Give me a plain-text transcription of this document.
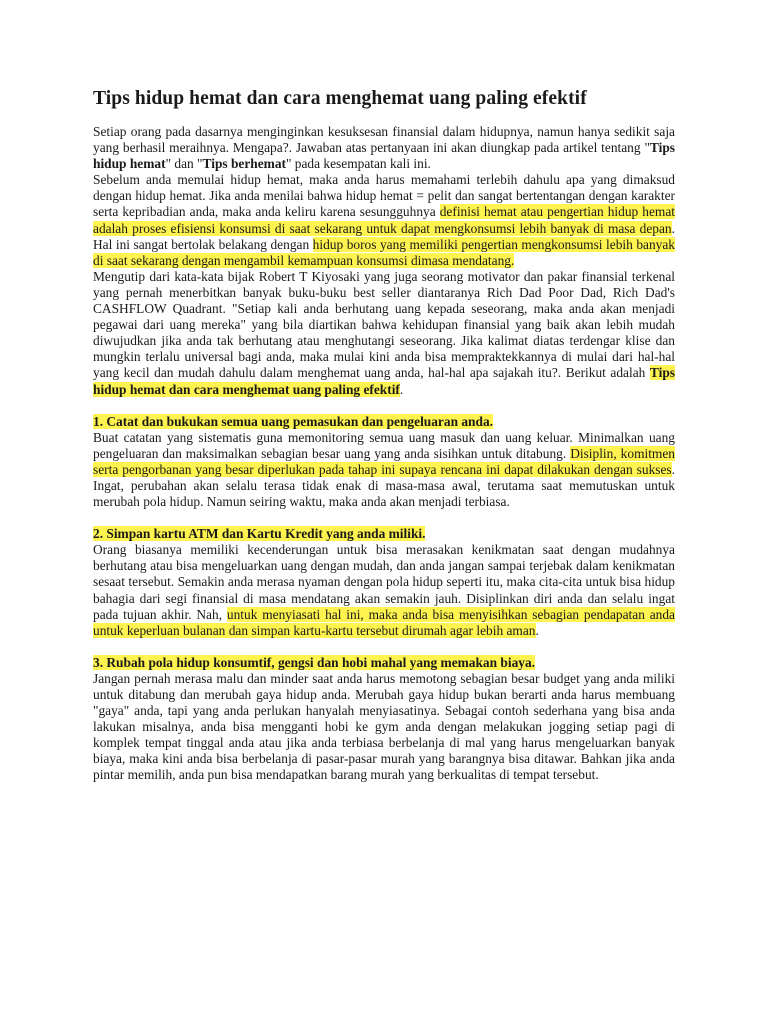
Tips hidup hemat dan cara menghemat uang paling efektif

Setiap orang pada dasarnya menginginkan kesuksesan finansial dalam hidupnya, namun hanya sedikit saja yang berhasil meraihnya. Mengapa?. Jawaban atas pertanyaan ini akan diungkap pada artikel tentang "Tips hidup hemat" dan "Tips berhemat" pada kesempatan kali ini.

Sebelum anda memulai hidup hemat, maka anda harus memahami terlebih dahulu apa yang dimaksud dengan hidup hemat. Jika anda menilai bahwa hidup hemat = pelit dan sangat bertentangan dengan karakter serta kepribadian anda, maka anda keliru karena sesungguhnya definisi hemat atau pengertian hidup hemat adalah proses efisiensi konsumsi di saat sekarang untuk dapat mengkonsumsi lebih banyak di masa depan. Hal ini sangat bertolak belakang dengan hidup boros yang memiliki pengertian mengkonsumsi lebih banyak di saat sekarang dengan mengambil kemampuan konsumsi dimasa mendatang.

Mengutip dari kata-kata bijak Robert T Kiyosaki yang juga seorang motivator dan pakar finansial terkenal yang pernah menerbitkan banyak buku-buku best seller diantaranya Rich Dad Poor Dad, Rich Dad's CASHFLOW Quadrant. "Setiap kali anda berhutang uang kepada seseorang, maka anda akan menjadi pegawai dari uang mereka" yang bila diartikan bahwa kehidupan finansial yang baik akan lebih mudah diwujudkan jika anda tak berhutang atau menghutangi seseorang. Jika kalimat diatas terdengar klise dan mungkin terlalu universal bagi anda, maka mulai kini anda bisa mempraktekkannya di mulai dari hal-hal yang kecil dan mudah dahulu dalam menghemat uang anda, hal-hal apa sajakah itu?. Berikut adalah Tips hidup hemat dan cara menghemat uang paling efektif.

1. Catat dan bukukan semua uang pemasukan dan pengeluaran anda.

Buat catatan yang sistematis guna memonitoring semua uang masuk dan uang keluar. Minimalkan uang pengeluaran dan maksimalkan sebagian besar uang yang anda sisihkan untuk ditabung. Disiplin, komitmen serta pengorbanan yang besar diperlukan pada tahap ini supaya rencana ini dapat dilakukan dengan sukses. Ingat, perubahan akan selalu terasa tidak enak di masa-masa awal, terutama saat memutuskan untuk merubah pola hidup. Namun seiring waktu, maka anda akan menjadi terbiasa.

2. Simpan kartu ATM dan Kartu Kredit yang anda miliki.

Orang biasanya memiliki kecenderungan untuk bisa merasakan kenikmatan saat dengan mudahnya berhutang atau bisa mengeluarkan uang dengan mudah, dan anda jangan sampai terjebak dalam kenikmatan sesaat tersebut. Semakin anda merasa nyaman dengan pola hidup seperti itu, maka cita-cita untuk bisa hidup bahagia dari segi finansial di masa mendatang akan semakin jauh. Disiplinkan diri anda dan selalu ingat pada tujuan akhir. Nah, untuk menyiasati hal ini, maka anda bisa menyisihkan sebagian pendapatan anda untuk keperluan bulanan dan simpan kartu-kartu tersebut dirumah agar lebih aman.

3. Rubah pola hidup konsumtif, gengsi dan hobi mahal yang memakan biaya.

Jangan pernah merasa malu dan minder saat anda harus memotong sebagian besar budget yang anda miliki untuk ditabung dan merubah gaya hidup anda. Merubah gaya hidup bukan berarti anda harus membuang "gaya" anda, tapi yang anda perlukan hanyalah menyiasatinya. Sebagai contoh sederhana yang bisa anda lakukan misalnya, anda bisa mengganti hobi ke gym anda dengan melakukan jogging setiap pagi di komplek tempat tinggal anda atau jika anda terbiasa berbelanja di mal yang harus mengeluarkan banyak biaya, maka kini anda bisa berbelanja di pasar-pasar murah yang barangnya bisa ditawar. Bahkan jika anda pintar memilih, anda pun bisa mendapatkan barang murah yang berkualitas di tempat tersebut.
